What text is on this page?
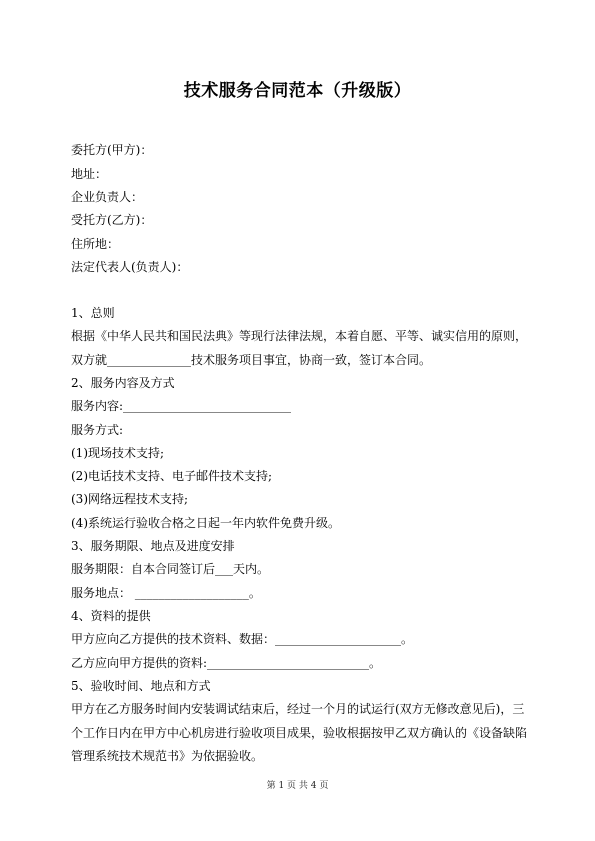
技术服务合同范本（升级版）
委托方(甲方)：
地址：
企业负责人：
受托方(乙方)：
住所地：
法定代表人(负责人)：
1、总则
根据《中华人民共和国民法典》等现行法律法规，本着自愿、平等、诚实信用的原则，
双方就______________技术服务项目事宜，协商一致，签订本合同。
2、服务内容及方式
服务内容:____________________________
服务方式:
(1)现场技术支持;
(2)电话技术支持、电子邮件技术支持;
(3)网络远程技术支持;
(4)系统运行验收合格之日起一年内软件免费升级。
3、服务期限、地点及进度安排
服务期限：自本合同签订后___天内。
服务地点： ___________________。
4、资料的提供
甲方应向乙方提供的技术资料、数据：_____________________。
乙方应向甲方提供的资料:___________________________。
5、验收时间、地点和方式
甲方在乙方服务时间内安装调试结束后，经过一个月的试运行(双方无修改意见后)，三
个工作日内在甲方中心机房进行验收项目成果，验收根据按甲乙双方确认的《设备缺陷
管理系统技术规范书》为依据验收。
第 1 页 共 4 页
